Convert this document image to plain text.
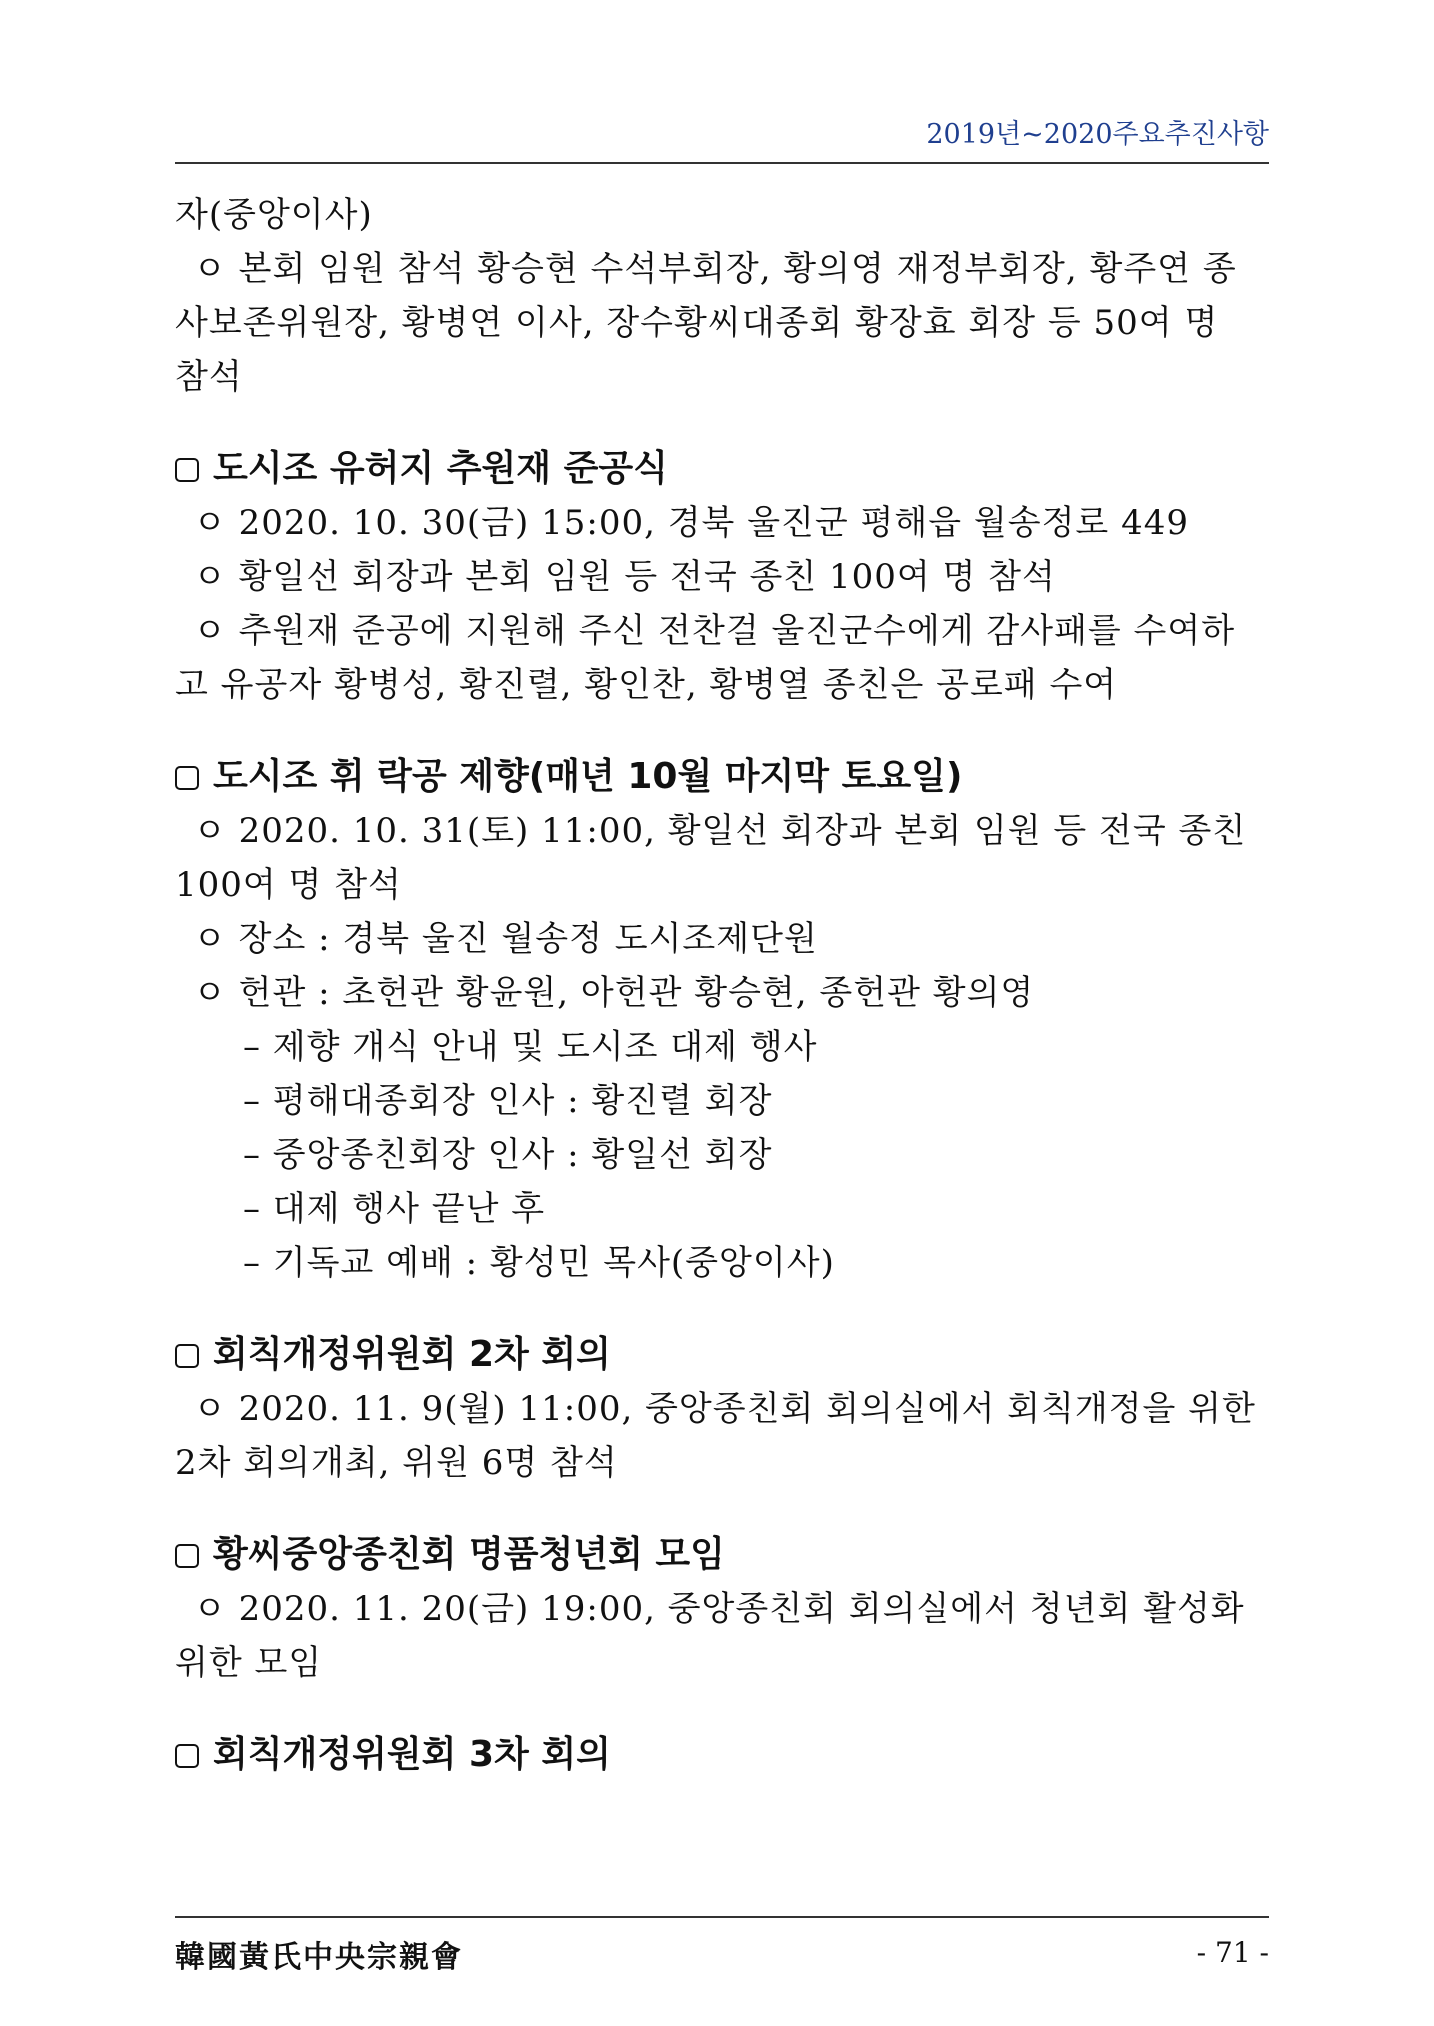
2019년~2020주요추진사항
자(중앙이사)
ㅇ 본회 임원 참석 황승현 수석부회장, 황의영 재정부회장, 황주연 종
사보존위원장, 황병연 이사, 장수황씨대종회 황장효 회장 등 50여 명
참석
도시조 유허지 추원재 준공식
ㅇ 2020. 10. 30(금) 15:00, 경북 울진군 평해읍 월송정로 449
ㅇ 황일선 회장과 본회 임원 등 전국 종친 100여 명 참석
ㅇ 추원재 준공에 지원해 주신 전찬걸 울진군수에게 감사패를 수여하
고 유공자 황병성, 황진렬, 황인찬, 황병열 종친은 공로패 수여
도시조 휘 락공 제향(매년 10월 마지막 토요일)
ㅇ 2020. 10. 31(토) 11:00, 황일선 회장과 본회 임원 등 전국 종친
100여 명 참석
ㅇ 장소 : 경북 울진 월송정 도시조제단원
ㅇ 헌관 : 초헌관 황윤원, 아헌관 황승현, 종헌관 황의영
– 제향 개식 안내 및 도시조 대제 행사
– 평해대종회장 인사 : 황진렬 회장
– 중앙종친회장 인사 : 황일선 회장
– 대제 행사 끝난 후
– 기독교 예배 : 황성민 목사(중앙이사)
회칙개정위원회 2차 회의
ㅇ 2020. 11. 9(월) 11:00, 중앙종친회 회의실에서 회칙개정을 위한
2차 회의개최, 위원 6명 참석
황씨중앙종친회 명품청년회 모임
ㅇ 2020. 11. 20(금) 19:00, 중앙종친회 회의실에서 청년회 활성화
위한 모임
회칙개정위원회 3차 회의
韓國黃氏中央宗親會	- 71 -
